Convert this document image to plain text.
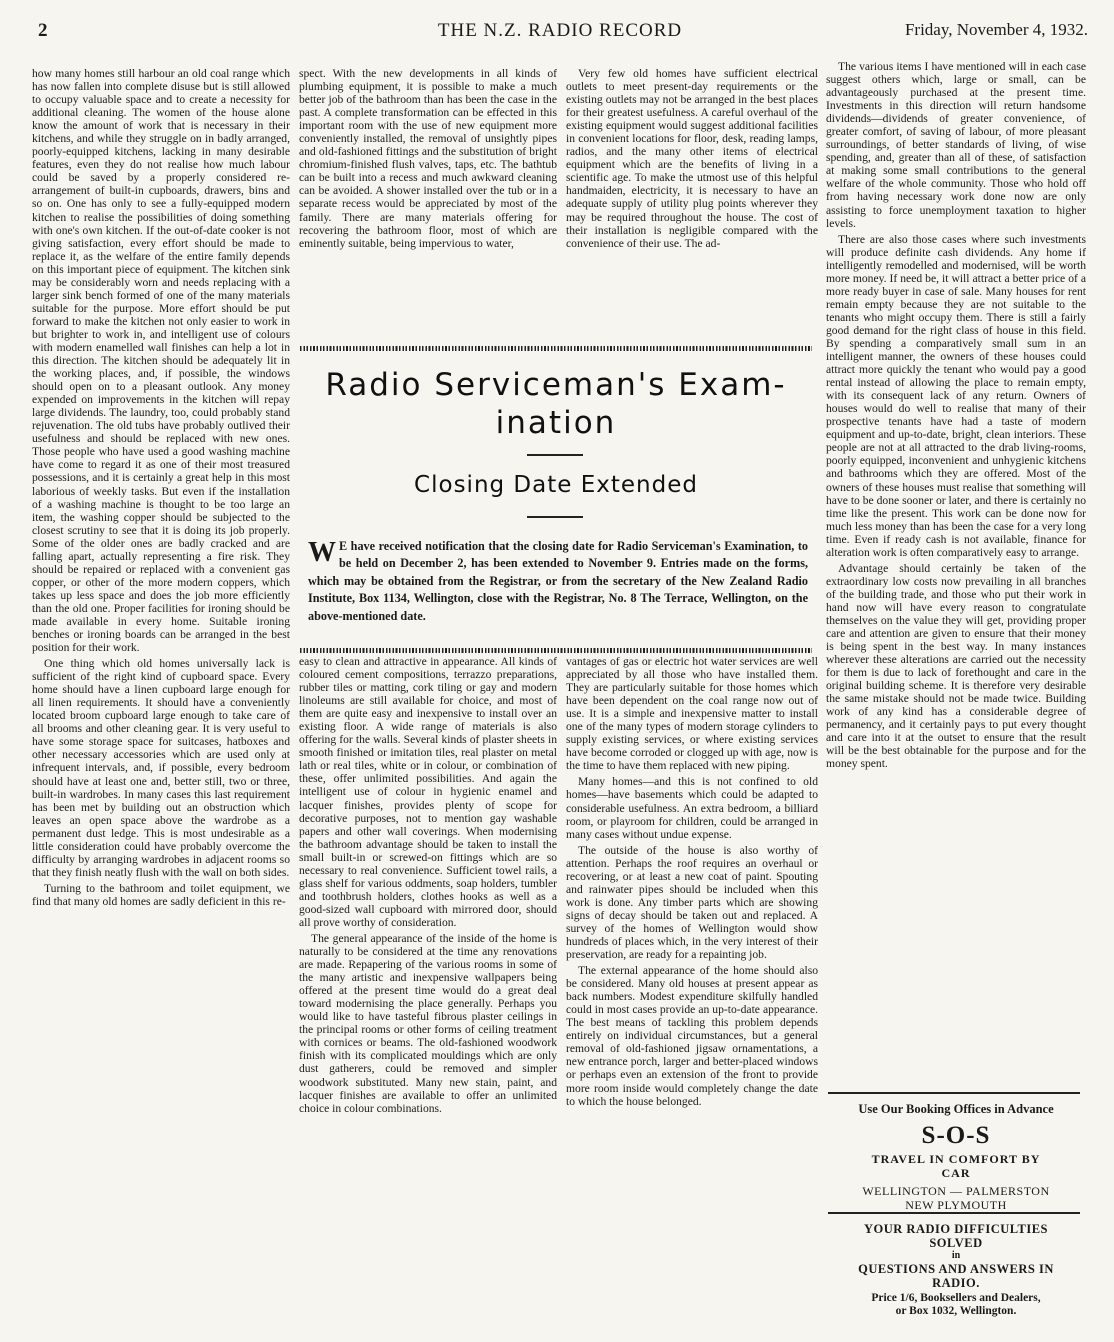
2	THE N.Z. RADIO RECORD	Friday, November 4, 1932.

how many homes still harbour an old coal range which has now fallen into complete disuse but is still allowed to occupy valuable space and to create a necessity for additional cleaning. The women of the house alone know the amount of work that is necessary in their kitchens, and while they struggle on in badly arranged, poorly-equipped kitchens, lacking in many desirable features, even they do not realise how much labour could be saved by a properly considered re-arrangement of built-in cupboards, drawers, bins and so on. One has only to see a fully-equipped modern kitchen to realise the possibilities of doing something with one's own kitchen. If the out-of-date cooker is not giving satisfaction, every effort should be made to replace it, as the welfare of the entire family depends on this important piece of equipment. The kitchen sink may be considerably worn and needs replacing with a larger sink bench formed of one of the many materials suitable for the purpose. More effort should be put forward to make the kitchen not only easier to work in but brighter to work in, and intelligent use of colours with modern enamelled wall finishes can help a lot in this direction. The kitchen should be adequately lit in the working places, and, if possible, the windows should open on to a pleasant outlook. Any money expended on improvements in the kitchen will repay large dividends. The laundry, too, could probably stand rejuvenation. The old tubs have probably outlived their usefulness and should be replaced with new ones. Those people who have used a good washing machine have come to regard it as one of their most treasured possessions, and it is certainly a great help in this most laborious of weekly tasks. But even if the installation of a washing machine is thought to be too large an item, the washing copper should be subjected to the closest scrutiny to see that it is doing its job properly. Some of the older ones are badly cracked and are falling apart, actually representing a fire risk. They should be repaired or replaced with a convenient gas copper, or other of the more modern coppers, which takes up less space and does the job more efficiently than the old one. Proper facilities for ironing should be made available in every home. Suitable ironing benches or ironing boards can be arranged in the best position for their work.

One thing which old homes universally lack is sufficient of the right kind of cupboard space. Every home should have a linen cupboard large enough for all linen requirements. It should have a conveniently located broom cupboard large enough to take care of all brooms and other cleaning gear. It is very useful to have some storage space for suitcases, hatboxes and other necessary accessories which are used only at infrequent intervals, and, if possible, every bedroom should have at least one and, better still, two or three, built-in wardrobes. In many cases this last requirement has been met by building out an obstruction which leaves an open space above the wardrobe as a permanent dust ledge. This is most undesirable as a little consideration could have probably overcome the difficulty by arranging wardrobes in adjacent rooms so that they finish neatly flush with the wall on both sides.

Turning to the bathroom and toilet equipment, we find that many old homes are sadly deficient in this re-

spect. With the new developments in all kinds of plumbing equipment, it is possible to make a much better job of the bathroom than has been the case in the past. A complete transformation can be effected in this important room with the use of new equipment more conveniently installed, the removal of unsightly pipes and old-fashioned fittings and the substitution of bright chromium-finished flush valves, taps, etc. The bathtub can be built into a recess and much awkward cleaning can be avoided. A shower installed over the tub or in a separate recess would be appreciated by most of the family. There are many materials offering for recovering the bathroom floor, most of which are eminently suitable, being impervious to water,

Very few old homes have sufficient electrical outlets to meet present-day requirements or the existing outlets may not be arranged in the best places for their greatest usefulness. A careful overhaul of the existing equipment would suggest additional facilities in convenient locations for floor, desk, reading lamps, radios, and the many other items of electrical equipment which are the benefits of living in a scientific age. To make the utmost use of this helpful handmaiden, electricity, it is necessary to have an adequate supply of utility plug points wherever they may be required throughout the house. The cost of their installation is negligible compared with the convenience of their use. The ad-

The various items I have mentioned will in each case suggest others which, large or small, can be advantageously purchased at the present time. Investments in this direction will return handsome dividends—dividends of greater convenience, of greater comfort, of saving of labour, of more pleasant surroundings, of better standards of living, of wise spending, and, greater than all of these, of satisfaction at making some small contributions to the general welfare of the whole community. Those who hold off from having necessary work done now are only assisting to force unemployment taxation to higher levels.

There are also those cases where such investments will produce definite cash dividends. Any home if intelligently remodelled and modernised, will be worth more money. If need be, it will attract a better price of a more ready buyer in case of sale. Many houses for rent remain empty because they are not suitable to the tenants who might occupy them. There is still a fairly good demand for the right class of house in this field. By spending a comparatively small sum in an intelligent manner, the owners of these houses could attract more quickly the tenant who would pay a good rental instead of allowing the place to remain empty, with its consequent lack of any return. Owners of houses would do well to realise that many of their prospective tenants have had a taste of modern equipment and up-to-date, bright, clean interiors. These people are not at all attracted to the drab living-rooms, poorly equipped, inconvenient and unhygienic kitchens and bathrooms which they are offered. Most of the owners of these houses must realise that something will have to be done sooner or later, and there is certainly no time like the present. This work can be done now for much less money than has been the case for a very long time. Even if ready cash is not available, finance for alteration work is often comparatively easy to arrange.

Advantage should certainly be taken of the extraordinary low costs now prevailing in all branches of the building trade, and those who put their work in hand now will have every reason to congratulate themselves on the value they will get, providing proper care and attention are given to ensure that their money is being spent in the best way. In many instances wherever these alterations are carried out the necessity for them is due to lack of forethought and care in the original building scheme. It is therefore very desirable the same mistake should not be made twice. Building work of any kind has a considerable degree of permanency, and it certainly pays to put every thought and care into it at the outset to ensure that the result will be the best obtainable for the purpose and for the money spent.

Radio Serviceman's Exam-
ination
Closing Date Extended
W E have received notification that the closing date for Radio Serviceman's Examination, to be held on December 2, has been extended to November 9. Entries made on the forms, which may be obtained from the Registrar, or from the secretary of the New Zealand Radio Institute, Box 1134, Wellington, close with the Registrar, No. 8 The Terrace, Wellington, on the above-mentioned date.

easy to clean and attractive in appearance. All kinds of coloured cement compositions, terrazzo preparations, rubber tiles or matting, cork tiling or gay and modern linoleums are still available for choice, and most of them are quite easy and inexpensive to install over an existing floor. A wide range of materials is also offering for the walls. Several kinds of plaster sheets in smooth finished or imitation tiles, real plaster on metal lath or real tiles, white or in colour, or combination of these, offer unlimited possibilities. And again the intelligent use of colour in hygienic enamel and lacquer finishes, provides plenty of scope for decorative purposes, not to mention gay washable papers and other wall coverings. When modernising the bathroom advantage should be taken to install the small built-in or screwed-on fittings which are so necessary to real convenience. Sufficient towel rails, a glass shelf for various oddments, soap holders, tumbler and toothbrush holders, clothes hooks as well as a good-sized wall cupboard with mirrored door, should all prove worthy of consideration.

The general appearance of the inside of the home is naturally to be considered at the time any renovations are made. Repapering of the various rooms in some of the many artistic and inexpensive wallpapers being offered at the present time would do a great deal toward modernising the place generally. Perhaps you would like to have tasteful fibrous plaster ceilings in the principal rooms or other forms of ceiling treatment with cornices or beams. The old-fashioned woodwork finish with its complicated mouldings which are only dust gatherers, could be removed and simpler woodwork substituted. Many new stain, paint, and lacquer finishes are available to offer an unlimited choice in colour combinations.

vantages of gas or electric hot water services are well appreciated by all those who have installed them. They are particularly suitable for those homes which have been dependent on the coal range now out of use. It is a simple and inexpensive matter to install one of the many types of modern storage cylinders to supply existing services, or where existing services have become corroded or clogged up with age, now is the time to have them replaced with new piping.

Many homes—and this is not confined to old homes—have basements which could be adapted to considerable usefulness. An extra bedroom, a billiard room, or playroom for children, could be arranged in many cases without undue expense.

The outside of the house is also worthy of attention. Perhaps the roof requires an overhaul or recovering, or at least a new coat of paint. Spouting and rainwater pipes should be included when this work is done. Any timber parts which are showing signs of decay should be taken out and replaced. A survey of the homes of Wellington would show hundreds of places which, in the very interest of their preservation, are ready for a repainting job.

The external appearance of the home should also be considered. Many old houses at present appear as back numbers. Modest expenditure skilfully handled could in most cases provide an up-to-date appearance. The best means of tackling this problem depends entirely on individual circumstances, but a general removal of old-fashioned jigsaw ornamentations, a new entrance porch, larger and better-placed windows or perhaps even an extension of the front to provide more room inside would completely change the date to which the house belonged.

Use Our Booking Offices in Advance
S-O-S
TRAVEL IN COMFORT BY
CAR
WELLINGTON — PALMERSTON
NEW PLYMOUTH
YOUR RADIO DIFFICULTIES
SOLVED
in
QUESTIONS AND ANSWERS IN
RADIO.
Price 1/6, Booksellers and Dealers,
or Box 1032, Wellington.
